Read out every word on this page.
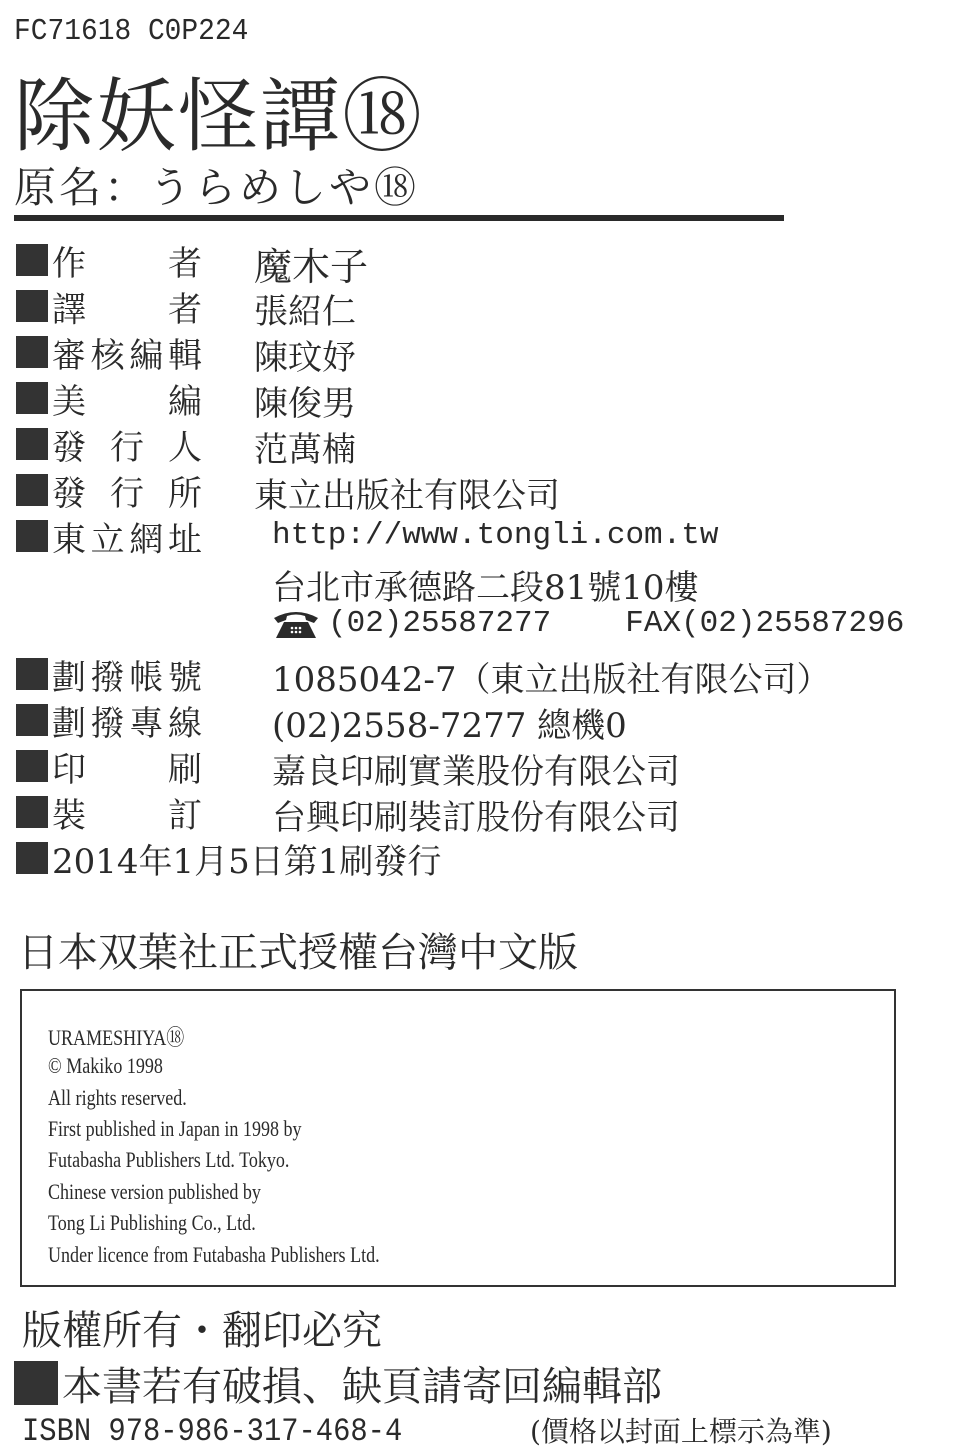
FC71618 C0P224
除妖怪譚⑱
原名：うらめしや⑱
作 者 魔木子
譯 者 張紹仁
審 核 編 輯 陳玟妤
美 編 陳俊男
發 行 人 范萬楠
發 行 所 東立出版社有限公司
東 立 網 址 http://www.tongli.com.tw
台北市承德路二段81號10樓
(02)25587277 FAX(02)25587296
劃 撥 帳 號 1085042-7（東立出版社有限公司）
劃 撥 專 線 (02)2558-7277 總機0
印 刷 嘉良印刷實業股份有限公司
裝 訂 台興印刷裝訂股份有限公司
2014年1月5日第1刷發行
日本双葉社正式授權台灣中文版
URAMESHIYA⑱
© Makiko 1998
All rights reserved.
First published in Japan in 1998 by
Futabasha Publishers Ltd. Tokyo.
Chinese version published by
Tong Li Publishing Co., Ltd.
Under licence from Futabasha Publishers Ltd.
版權所有・翻印必究
本書若有破損、缺頁請寄回編輯部
ISBN 978-986-317-468-4	(價格以封面上標示為準)
